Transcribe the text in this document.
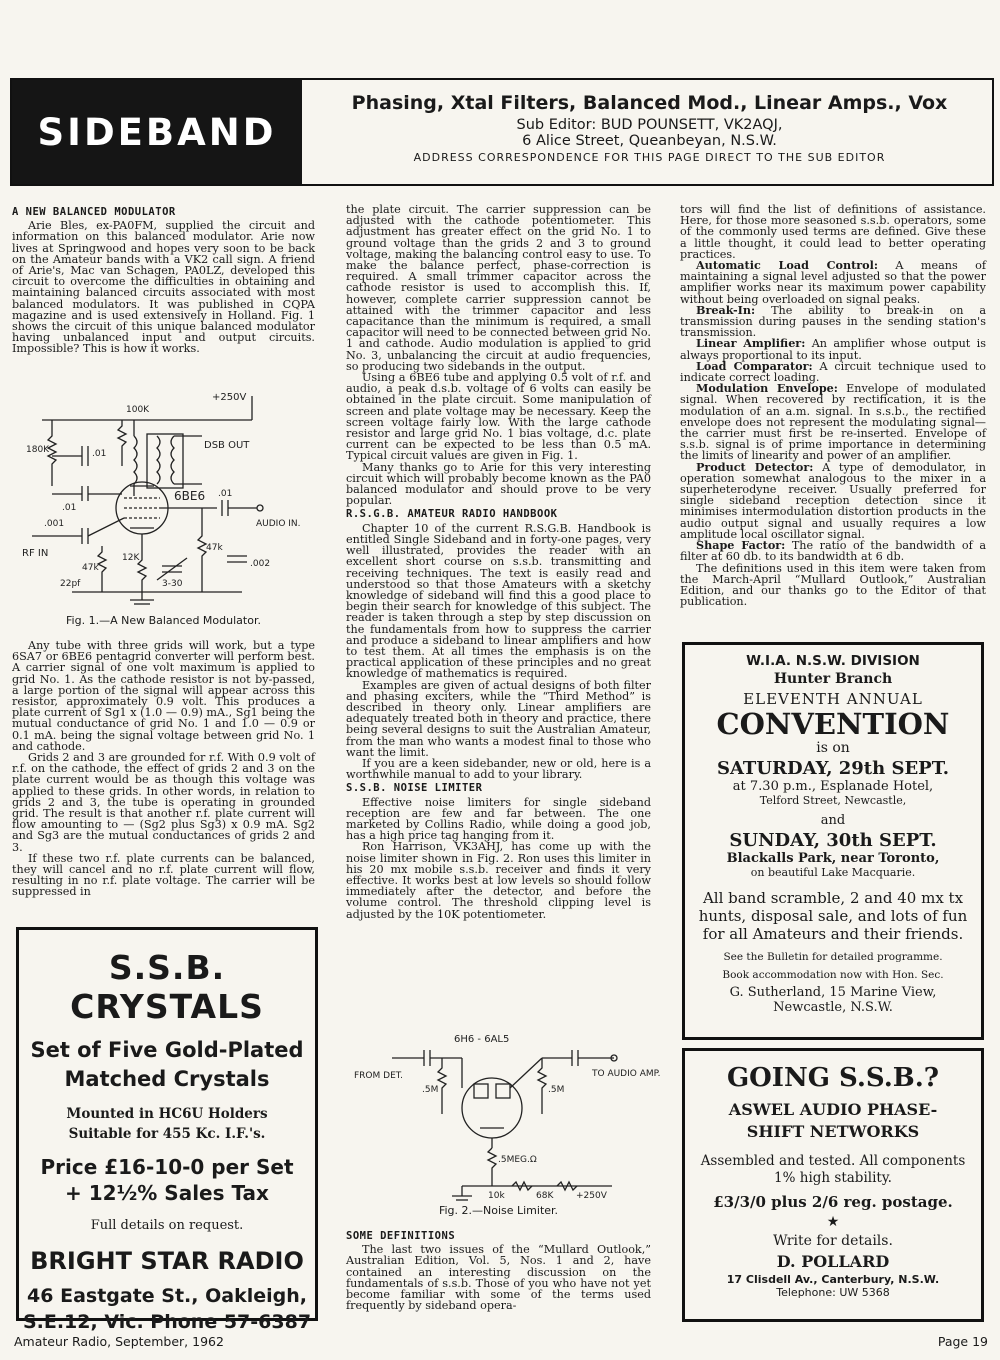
SIDEBAND
Phasing, Xtal Filters, Balanced Mod., Linear Amps., Vox
Sub Editor: BUD POUNSETT, VK2AQJ,
6 Alice Street, Queanbeyan, N.S.W.
ADDRESS CORRESPONDENCE FOR THIS PAGE DIRECT TO THE SUB EDITOR
A NEW BALANCED MODULATOR

Arie Bles, ex-PA0FM, supplied the circuit and information on this balanced modulator. Arie now lives at Springwood and hopes very soon to be back on the Amateur bands with a VK2 call sign. A friend of Arie's, Mac van Schagen, PA0LZ, developed this circuit to overcome the difficulties in obtaining and maintaining balanced circuits associated with most balanced modulators. It was published in CQPA magazine and is used extensively in Holland. Fig. 1 shows the circuit of this unique balanced modulator having unbalanced input and output circuits. Impossible? This is how it works.

+250V
100K
180K	.01
.01
DSB OUT
6BE6
.001
.01
AUDIO IN.
RF IN
47k
22pf
12K
47k
3-30
.002
Fig. 1.—A New Balanced Modulator.

Any tube with three grids will work, but a type 6SA7 or 6BE6 pentagrid converter will perform best. A carrier signal of one volt maximum is applied to grid No. 1. As the cathode resistor is not by-passed, a large portion of the signal will appear across this resistor, approximately 0.9 volt. This produces a plate current of Sg1 x (1.0 — 0.9) mA., Sg1 being the mutual conductance of grid No. 1 and 1.0 — 0.9 or 0.1 mA. being the signal voltage between grid No. 1 and cathode.

Grids 2 and 3 are grounded for r.f. With 0.9 volt of r.f. on the cathode, the effect of grids 2 and 3 on the plate current would be as though this voltage was applied to these grids. In other words, in relation to grids 2 and 3, the tube is operating in grounded grid. The result is that another r.f. plate current will flow amounting to — (Sg2 plus Sg3) x 0.9 mA. Sg2 and Sg3 are the mutual conductances of grids 2 and 3.

If these two r.f. plate currents can be balanced, they will cancel and no r.f. plate current will flow, resulting in no r.f. plate voltage. The carrier will be suppressed in

S.S.B. CRYSTALS
Set of Five Gold-Plated
Matched Crystals
Mounted in HC6U Holders
Suitable for 455 Kc. I.F.'s.
Price £16-10-0 per Set
+ 12½% Sales Tax
Full details on request.
BRIGHT STAR RADIO
46 Eastgate St., Oakleigh,
S.E.12, Vic. Phone 57-6387

the plate circuit. The carrier suppression can be adjusted with the cathode potentiometer. This adjustment has greater effect on the grid No. 1 to ground voltage than the grids 2 and 3 to ground voltage, making the balancing control easy to use. To make the balance perfect, phase-correction is required. A small trimmer capacitor across the cathode resistor is used to accomplish this. If, however, complete carrier suppression cannot be attained with the trimmer capacitor and less capacitance than the minimum is required, a small capacitor will need to be connected between grid No. 1 and cathode. Audio modulation is applied to grid No. 3, unbalancing the circuit at audio frequencies, so producing two sidebands in the output.

Using a 6BE6 tube and applying 0.5 volt of r.f. and audio, a peak d.s.b. voltage of 6 volts can easily be obtained in the plate circuit. Some manipulation of screen and plate voltage may be necessary. Keep the screen voltage fairly low. With the large cathode resistor and large grid No. 1 bias voltage, d.c. plate current can be expected to be less than 0.5 mA. Typical circuit values are given in Fig. 1.

Many thanks go to Arie for this very interesting circuit which will probably become known as the PA0 balanced modulator and should prove to be very popular.

R.S.G.B. AMATEUR RADIO HANDBOOK

Chapter 10 of the current R.S.G.B. Handbook is entitled Single Sideband and in forty-one pages, very well illustrated, provides the reader with an excellent short course on s.s.b. transmitting and receiving techniques. The text is easily read and understood so that those Amateurs with a sketchy knowledge of sideband will find this a good place to begin their search for knowledge of this subject. The reader is taken through a step by step discussion on the fundamentals from how to suppress the carrier and produce a sideband to linear amplifiers and how to test them. At all times the emphasis is on the practical application of these principles and no great knowledge of mathematics is required.

Examples are given of actual designs of both filter and phasing exciters, while the “Third Method” is described in theory only. Linear amplifiers are adequately treated both in theory and practice, there being several designs to suit the Australian Amateur, from the man who wants a modest final to those who want the limit.

If you are a keen sidebander, new or old, here is a worthwhile manual to add to your library.

S.S.B. NOISE LIMITER

Effective noise limiters for single sideband reception are few and far between. The one marketed by Collins Radio, while doing a good job, has a high price tag hanging from it.

Ron Harrison, VK3AHJ, has come up with the noise limiter shown in Fig. 2. Ron uses this limiter in his 20 mx mobile s.s.b. receiver and finds it very effective. It works best at low levels so should follow immediately after the detector, and before the volume control. The threshold clipping level is adjusted by the 10K potentiometer.

6H6 - 6AL5
FROM DET.
.5M	.5M
TO AUDIO AMP.
.5MEG.Ω
10k	68K	+250V
Fig. 2.—Noise Limiter.
SOME DEFINITIONS

The last two issues of the “Mullard Outlook,” Australian Edition, Vol. 5, Nos. 1 and 2, have contained an interesting discussion on the fundamentals of s.s.b. Those of you who have not yet become familiar with some of the terms used frequently by sideband opera-

tors will find the list of definitions of assistance. Here, for those more seasoned s.s.b. operators, some of the commonly used terms are defined. Give these a little thought, it could lead to better operating practices.

Automatic Load Control: A means of maintaining a signal level adjusted so that the power amplifier works near its maximum power capability without being overloaded on signal peaks.

Break-In: The ability to break-in on a transmission during pauses in the sending station's transmission.

Linear Amplifier: An amplifier whose output is always proportional to its input.

Load Comparator: A circuit technique used to indicate correct loading.

Modulation Envelope: Envelope of modulated signal. When recovered by rectification, it is the modulation of an a.m. signal. In s.s.b., the rectified envelope does not represent the modulating signal—the carrier must first be re-inserted. Envelope of s.s.b. signal is of prime importance in determining the limits of linearity and power of an amplifier.

Product Detector: A type of demodulator, in operation somewhat analogous to the mixer in a superheterodyne receiver. Usually preferred for single sideband reception detection since it minimises intermodulation distortion products in the audio output signal and usually requires a low amplitude local oscillator signal.

Shape Factor: The ratio of the bandwidth of a filter at 60 db. to its bandwidth at 6 db.

The definitions used in this item were taken from the March-April “Mullard Outlook,” Australian Edition, and our thanks go to the Editor of that publication.

W.I.A. N.S.W. DIVISION
Hunter Branch
ELEVENTH ANNUAL
CONVENTION
is on
SATURDAY, 29th SEPT.
at 7.30 p.m., Esplanade Hotel,
Telford Street, Newcastle,
and
SUNDAY, 30th SEPT.
Blackalls Park, near Toronto,
on beautiful Lake Macquarie.
All band scramble, 2 and 40 mx tx hunts, disposal sale, and lots of fun for all Amateurs and their friends.
See the Bulletin for detailed programme.
Book accommodation now with Hon. Sec.
G. Sutherland, 15 Marine View,
Newcastle, N.S.W.
GOING S.S.B.?
ASWEL AUDIO PHASE-
SHIFT NETWORKS
Assembled and tested. All components 1% high stability.
£3/3/0 plus 2/6 reg. postage.
★
Write for details.
D. POLLARD
17 Clisdell Av., Canterbury, N.S.W.
Telephone: UW 5368
Amateur Radio, September, 1962	Page 19
